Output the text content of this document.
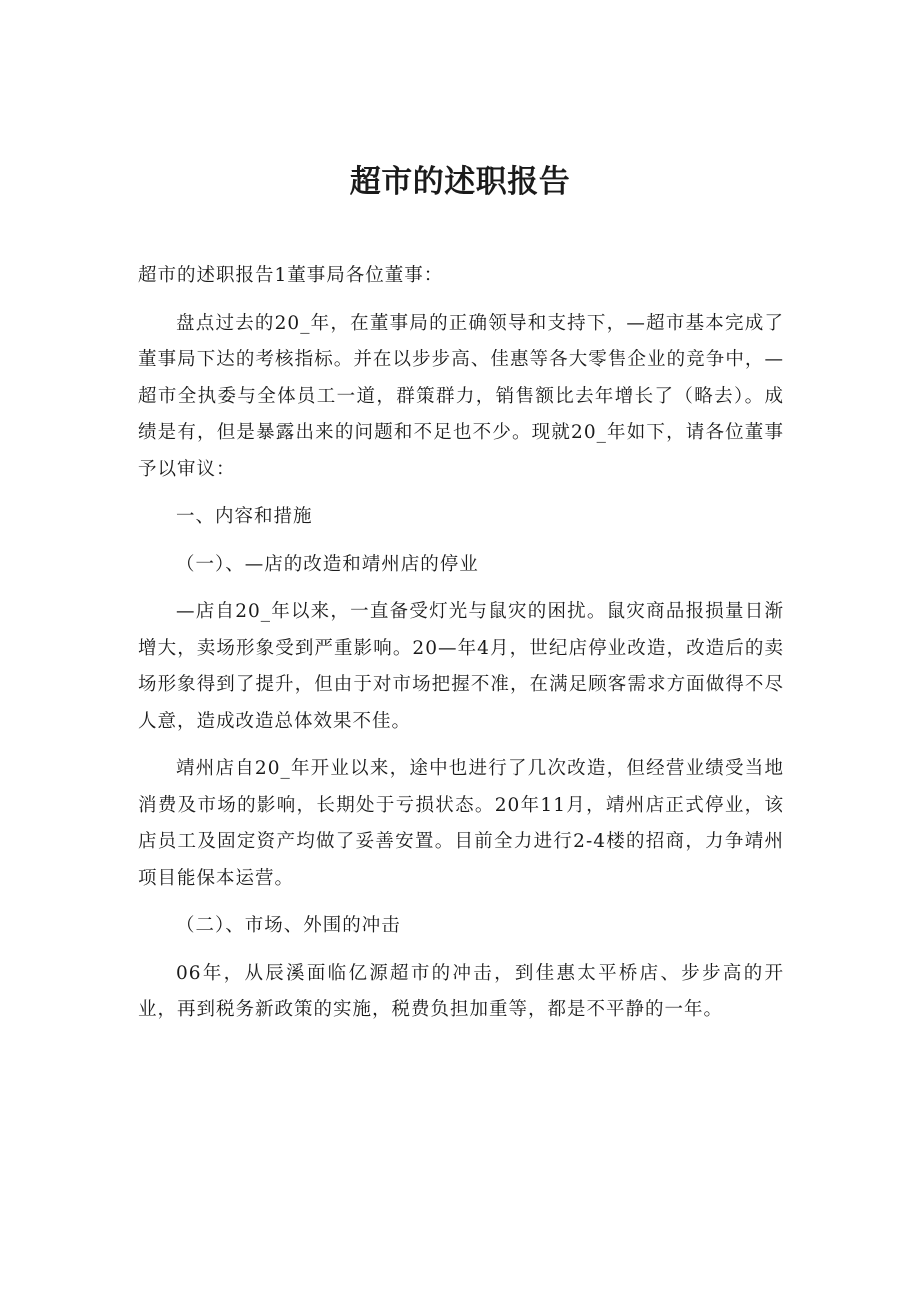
超市的述职报告

超市的述职报告1董事局各位董事：

盘点过去的20_年，在董事局的正确领导和支持下，—超市基本完成了董事局下达的考核指标。并在以步步高、佳惠等各大零售企业的竞争中，—超市全执委与全体员工一道，群策群力，销售额比去年增长了（略去）。成绩是有，但是暴露出来的问题和不足也不少。现就20_年如下，请各位董事予以审议：

一、内容和措施

（一）、—店的改造和靖州店的停业

—店自20_年以来，一直备受灯光与鼠灾的困扰。鼠灾商品报损量日渐增大，卖场形象受到严重影响。20—年4月，世纪店停业改造，改造后的卖场形象得到了提升，但由于对市场把握不准，在满足顾客需求方面做得不尽人意，造成改造总体效果不佳。

靖州店自20_年开业以来，途中也进行了几次改造，但经营业绩受当地消费及市场的影响，长期处于亏损状态。20年11月，靖州店正式停业，该店员工及固定资产均做了妥善安置。目前全力进行2-4楼的招商，力争靖州项目能保本运营。

（二）、市场、外围的冲击

06年，从辰溪面临亿源超市的冲击，到佳惠太平桥店、步步高的开业，再到税务新政策的实施，税费负担加重等，都是不平静的一年。
